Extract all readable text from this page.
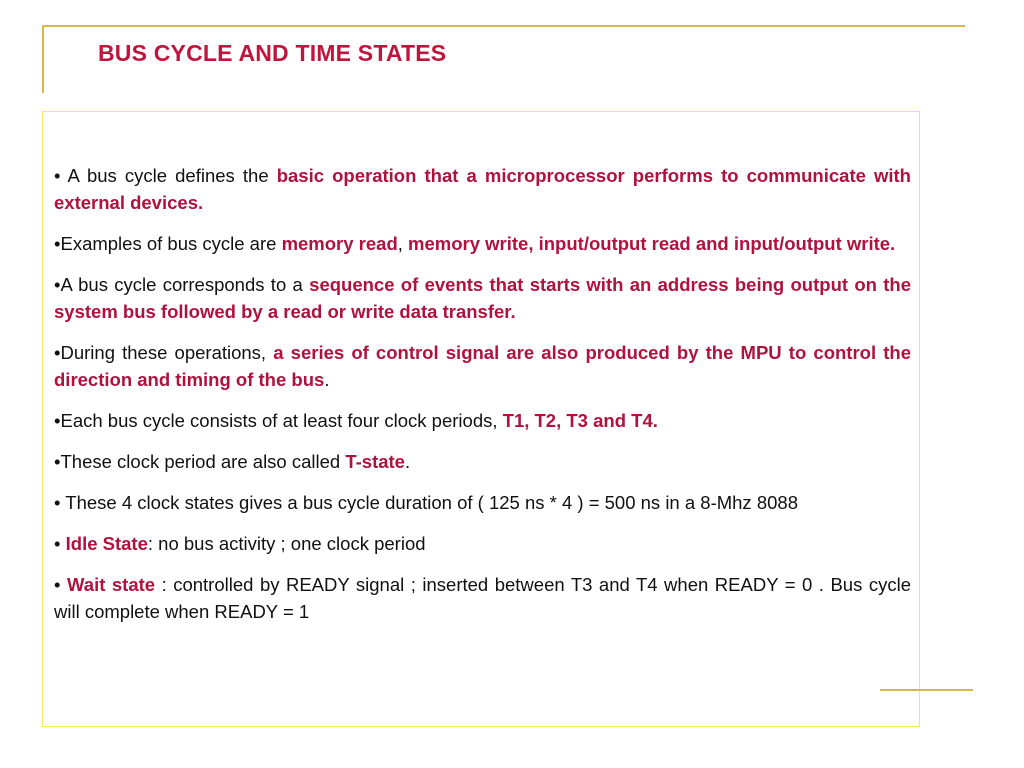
BUS CYCLE AND TIME STATES
• A bus cycle defines the basic operation that a microprocessor performs to communicate with external devices.
•Examples of bus cycle are memory read, memory write, input/output read and input/output write.
•A bus cycle corresponds to a sequence of events that starts with an address being output on the system bus followed by a read or write data transfer.
•During these operations, a series of control signal are also produced by the MPU to control the direction and timing of the bus.
•Each bus cycle consists of at least four clock periods, T1, T2, T3 and T4.
•These clock period are also called T-state.
• These 4 clock states gives a bus cycle duration of ( 125 ns * 4 ) = 500 ns in a 8-Mhz 8088
• Idle State: no bus activity ; one clock period
• Wait state : controlled by READY signal ; inserted between T3 and T4 when READY = 0 . Bus cycle will complete when READY = 1
